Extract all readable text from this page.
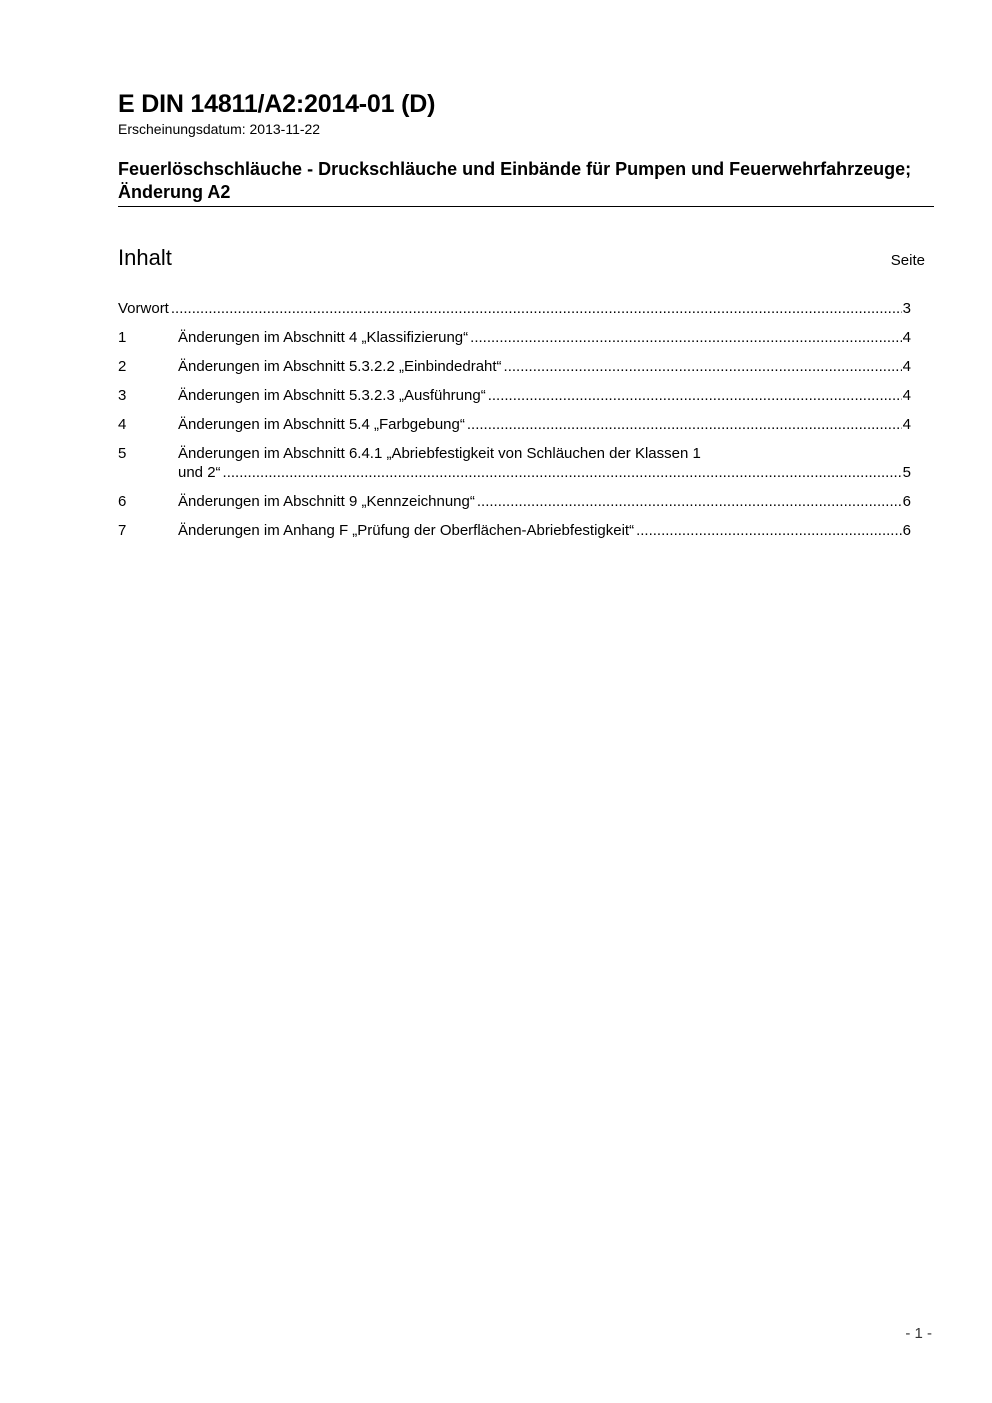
E DIN 14811/A2:2014-01 (D)
Erscheinungsdatum: 2013-11-22
Feuerlöschschläuche - Druckschläuche und Einbände für Pumpen und Feuerwehrfahrzeuge; Änderung A2
Inhalt	Seite
Vorwort .....	3
1	Änderungen im Abschnitt 4 „Klassifizierung“ .....	4
2	Änderungen im Abschnitt 5.3.2.2 „Einbindedraht“ .....	4
3	Änderungen im Abschnitt 5.3.2.3 „Ausführung“ .....	4
4	Änderungen im Abschnitt 5.4 „Farbgebung“ .....	4
5	Änderungen im Abschnitt 6.4.1 „Abriebfestigkeit von Schläuchen der Klassen 1
und 2“ .....	5
6	Änderungen im Abschnitt 9 „Kennzeichnung“ .....	6
7	Änderungen im Anhang F „Prüfung der Oberflächen-Abriebfestigkeit“ .....	6
- 1 -
